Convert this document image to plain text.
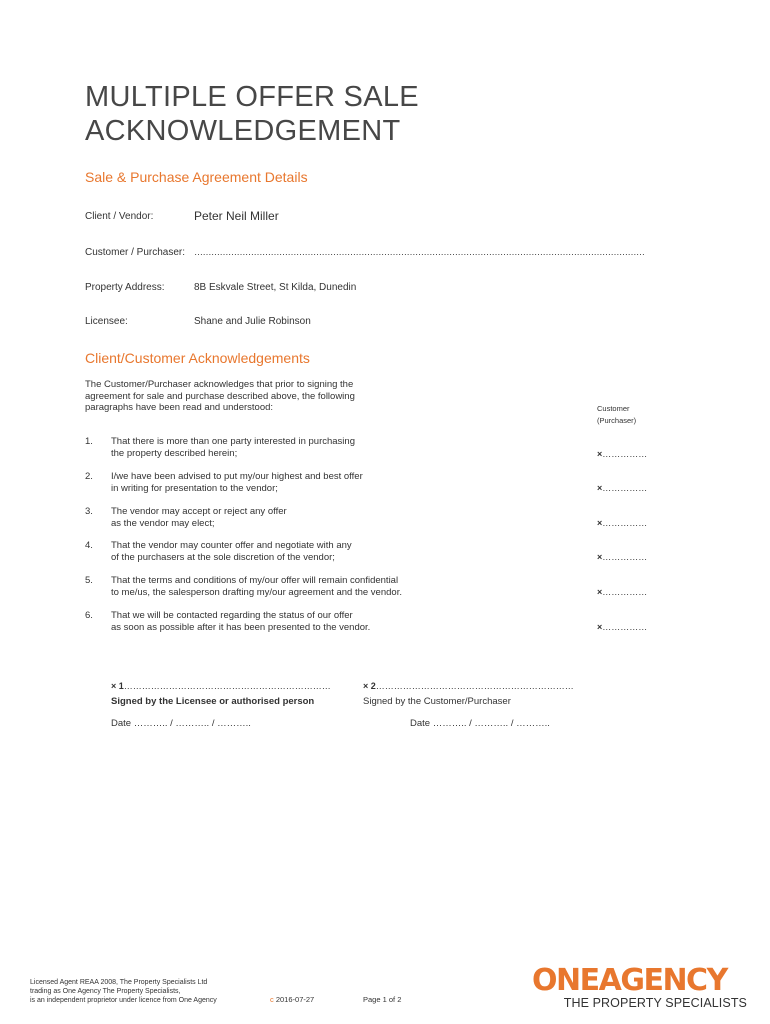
MULTIPLE OFFER SALE
ACKNOWLEDGEMENT
Sale & Purchase Agreement Details
Client / Vendor:	Peter Neil Miller
Customer / Purchaser: ……………………………………………………………………………………………………………………………………………
Property Address:	8B Eskvale Street, St Kilda, Dunedin
Licensee:	Shane and Julie Robinson
Client/Customer Acknowledgements

The Customer/Purchaser acknowledges that prior to signing the agreement for sale and purchase described above, the following paragraphs have been read and understood:	Customer
(Purchaser)
1. That there is more than one party interested in purchasing
the property described herein;	×……………
2. I/we have been advised to put my/our highest and best offer
in writing for presentation to the vendor;	×……………
3. The vendor may accept or reject any offer
as the vendor may elect;	×……………
4. That the vendor may counter offer and negotiate with any
of the purchasers at the sole discretion of the vendor;	×……………
5. That the terms and conditions of my/our offer will remain confidential
to me/us, the salesperson drafting my/our agreement and the vendor.	×……………
6. That we will be contacted regarding the status of our offer
as soon as possible after it has been presented to the vendor.	×……………
× 1……………………………………………………………
Signed by the Licensee or authorised person
Date ……….. / ……….. / ………..
× 2…………………………………………………………
Signed by the Customer/Purchaser
Date ……….. / ……….. / ………..
Licensed Agent REAA 2008, The Property Specialists Ltd
trading as One Agency The Property Specialists,
is an independent proprietor under licence from One Agency	c 2016-07-27	Page 1 of 2
ONEAGENCY
THE PROPERTY SPECIALISTS
